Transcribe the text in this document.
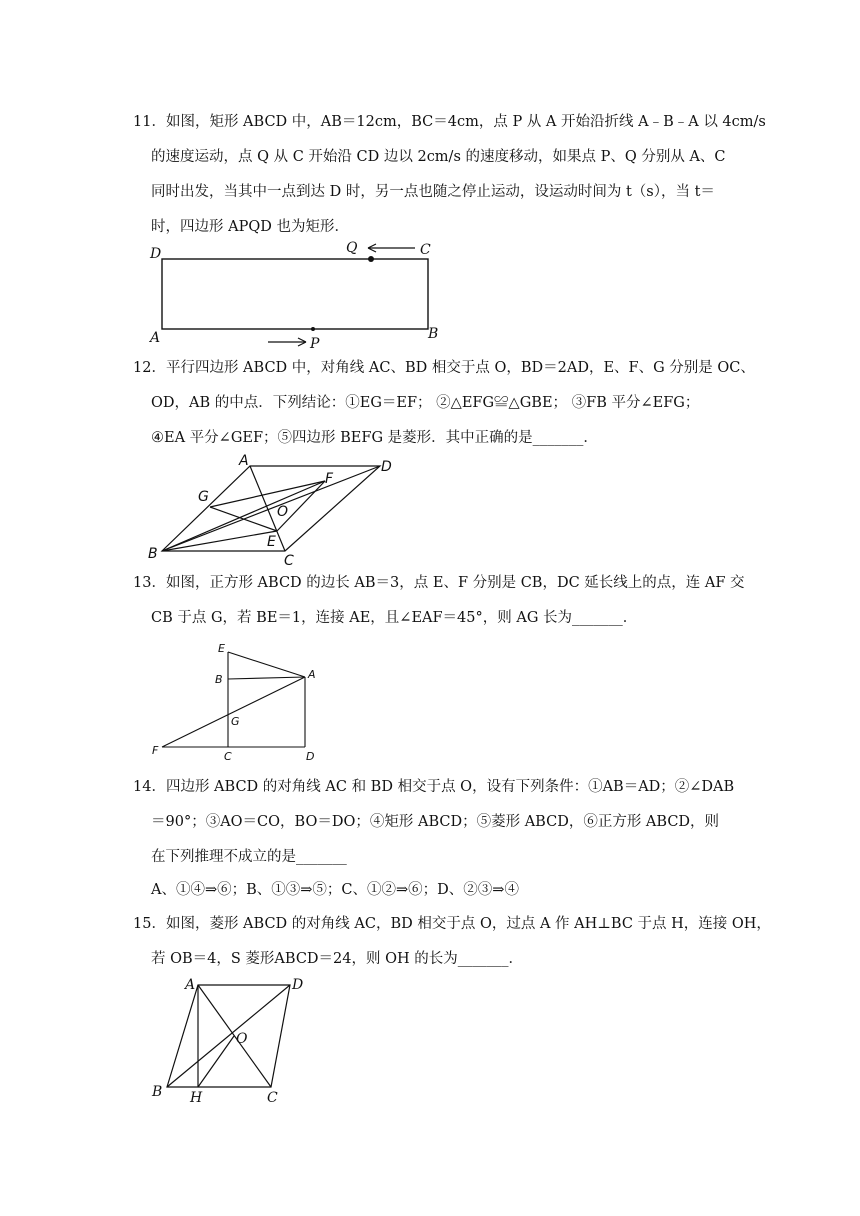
11．如图，矩形 ABCD 中，AB＝12cm，BC＝4cm，点 P 从 A 开始沿折线 A﹣B﹣A 以 4cm/s
的速度运动，点 Q 从 C 开始沿 CD 边以 2cm/s 的速度移动，如果点 P、Q 分别从 A、C
同时出发，当其中一点到达 D 时，另一点也随之停止运动，设运动时间为 t（s），当 t＝
时，四边形 APQD 也为矩形．
D	Q	C
A	B
P
12．平行四边形 ABCD 中，对角线 AC、BD 相交于点 O，BD＝2AD，E、F、G 分别是 OC、
OD，AB 的中点．下列结论：①EG＝EF； ②△EFG≌△GBE； ③FB 平分∠EFG；
④EA 平分∠GEF；⑤四边形 BEFG 是菱形．其中正确的是_______．
A	D
G
F
O
B
E
C
13．如图，正方形 ABCD 的边长 AB＝3，点 E、F 分别是 CB，DC 延长线上的点，连 AF 交
CB 于点 G，若 BE＝1，连接 AE，且∠EAF＝45°，则 AG 长为_______．
E
B	A
G
F	C	D
14．四边形 ABCD 的对角线 AC 和 BD 相交于点 O，设有下列条件：①AB＝AD；②∠DAB
＝90°；③AO＝CO，BO＝DO；④矩形 ABCD；⑤菱形 ABCD，⑥正方形 ABCD，则
在下列推理不成立的是_______
A、①④⇒⑥；B、①③⇒⑤；C、①②⇒⑥；D、②③⇒④
15．如图，菱形 ABCD 的对角线 AC，BD 相交于点 O，过点 A 作 AH⊥BC 于点 H，连接 OH，
若 OB＝4，S 菱形ABCD＝24，则 OH 的长为_______．
A	D
O
B H	C
